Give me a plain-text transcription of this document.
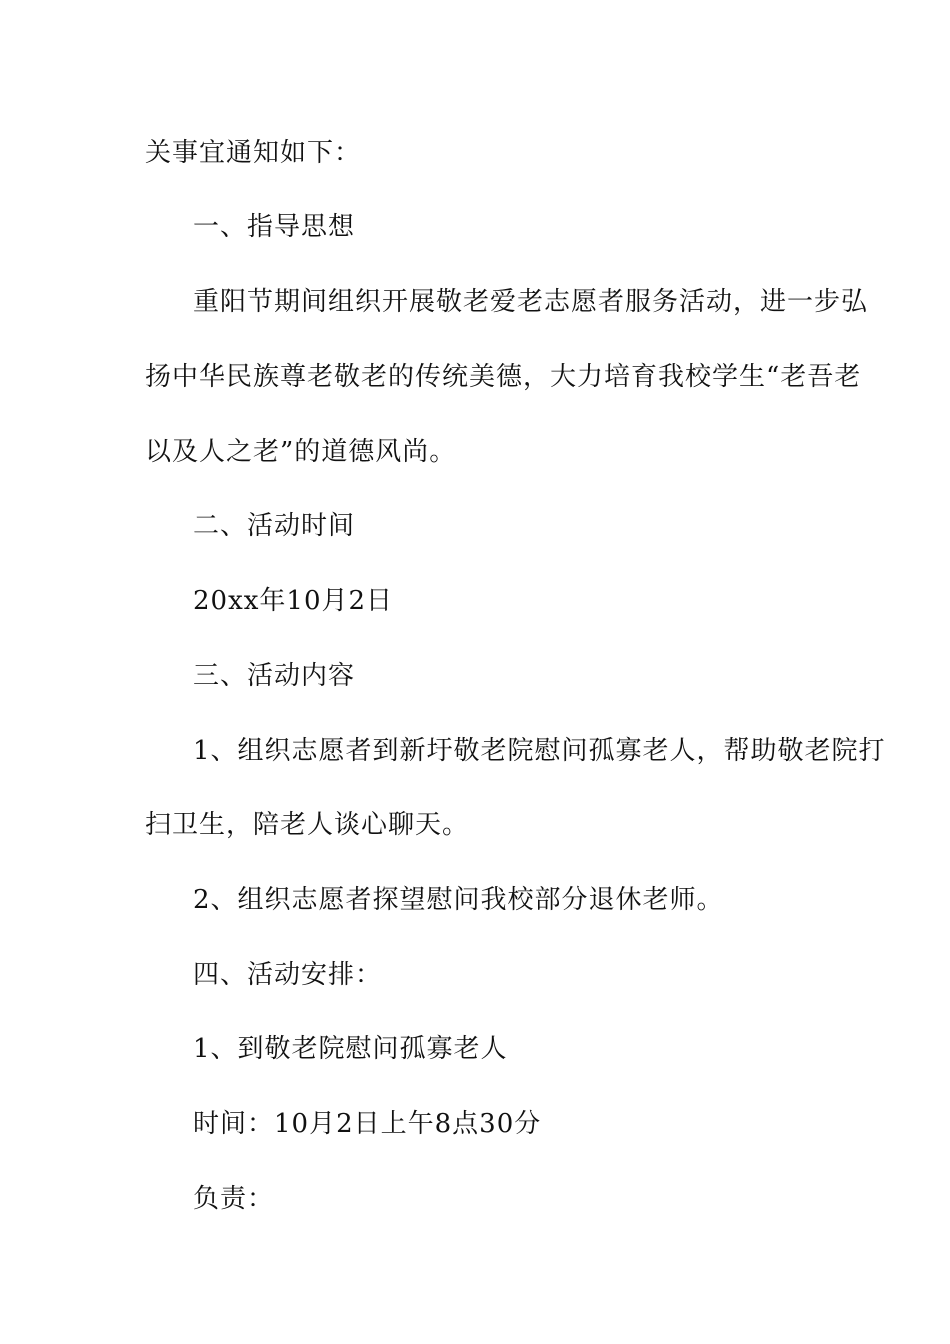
关事宜通知如下：

一、指导思想

重阳节期间组织开展敬老爱老志愿者服务活动，进一步弘

扬中华民族尊老敬老的传统美德，大力培育我校学生“老吾老

以及人之老”的道德风尚。

二、活动时间

20xx年10月2日

三、活动内容

1、组织志愿者到新圩敬老院慰问孤寡老人，帮助敬老院打

扫卫生，陪老人谈心聊天。

2、组织志愿者探望慰问我校部分退休老师。

四、活动安排：

1、到敬老院慰问孤寡老人

时间：10月2日上午8点30分

负责：
